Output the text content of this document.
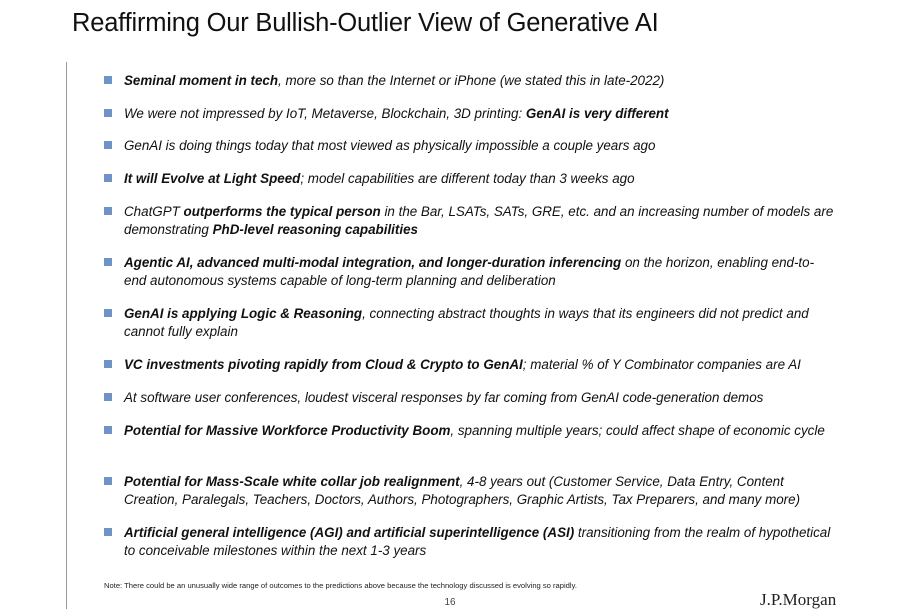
Reaffirming Our Bullish-Outlier View of Generative AI
Seminal moment in tech, more so than the Internet or iPhone (we stated this in late-2022)
We were not impressed by IoT, Metaverse, Blockchain, 3D printing: GenAI is very different
GenAI is doing things today that most viewed as physically impossible a couple years ago
It will Evolve at Light Speed; model capabilities are different today than 3 weeks ago
ChatGPT outperforms the typical person in the Bar, LSATs, SATs, GRE, etc. and an increasing number of models are demonstrating PhD-level reasoning capabilities
Agentic AI, advanced multi-modal integration, and longer-duration inferencing on the horizon, enabling end-to-end autonomous systems capable of long-term planning and deliberation
GenAI is applying Logic & Reasoning, connecting abstract thoughts in ways that its engineers did not predict and cannot fully explain
VC investments pivoting rapidly from Cloud & Crypto to GenAI; material % of Y Combinator companies are AI
At software user conferences, loudest visceral responses by far coming from GenAI code-generation demos
Potential for Massive Workforce Productivity Boom, spanning multiple years; could affect shape of economic cycle
Potential for Mass-Scale white collar job realignment, 4-8 years out (Customer Service, Data Entry, Content Creation, Paralegals, Teachers, Doctors, Authors, Photographers, Graphic Artists, Tax Preparers, and many more)
Artificial general intelligence (AGI) and artificial superintelligence (ASI) transitioning from the realm of hypothetical to conceivable milestones within the next 1-3 years
Note: There could be an unusually wide range of outcomes to the predictions above because the technology discussed is evolving so rapidly.
16	J.P.Morgan
